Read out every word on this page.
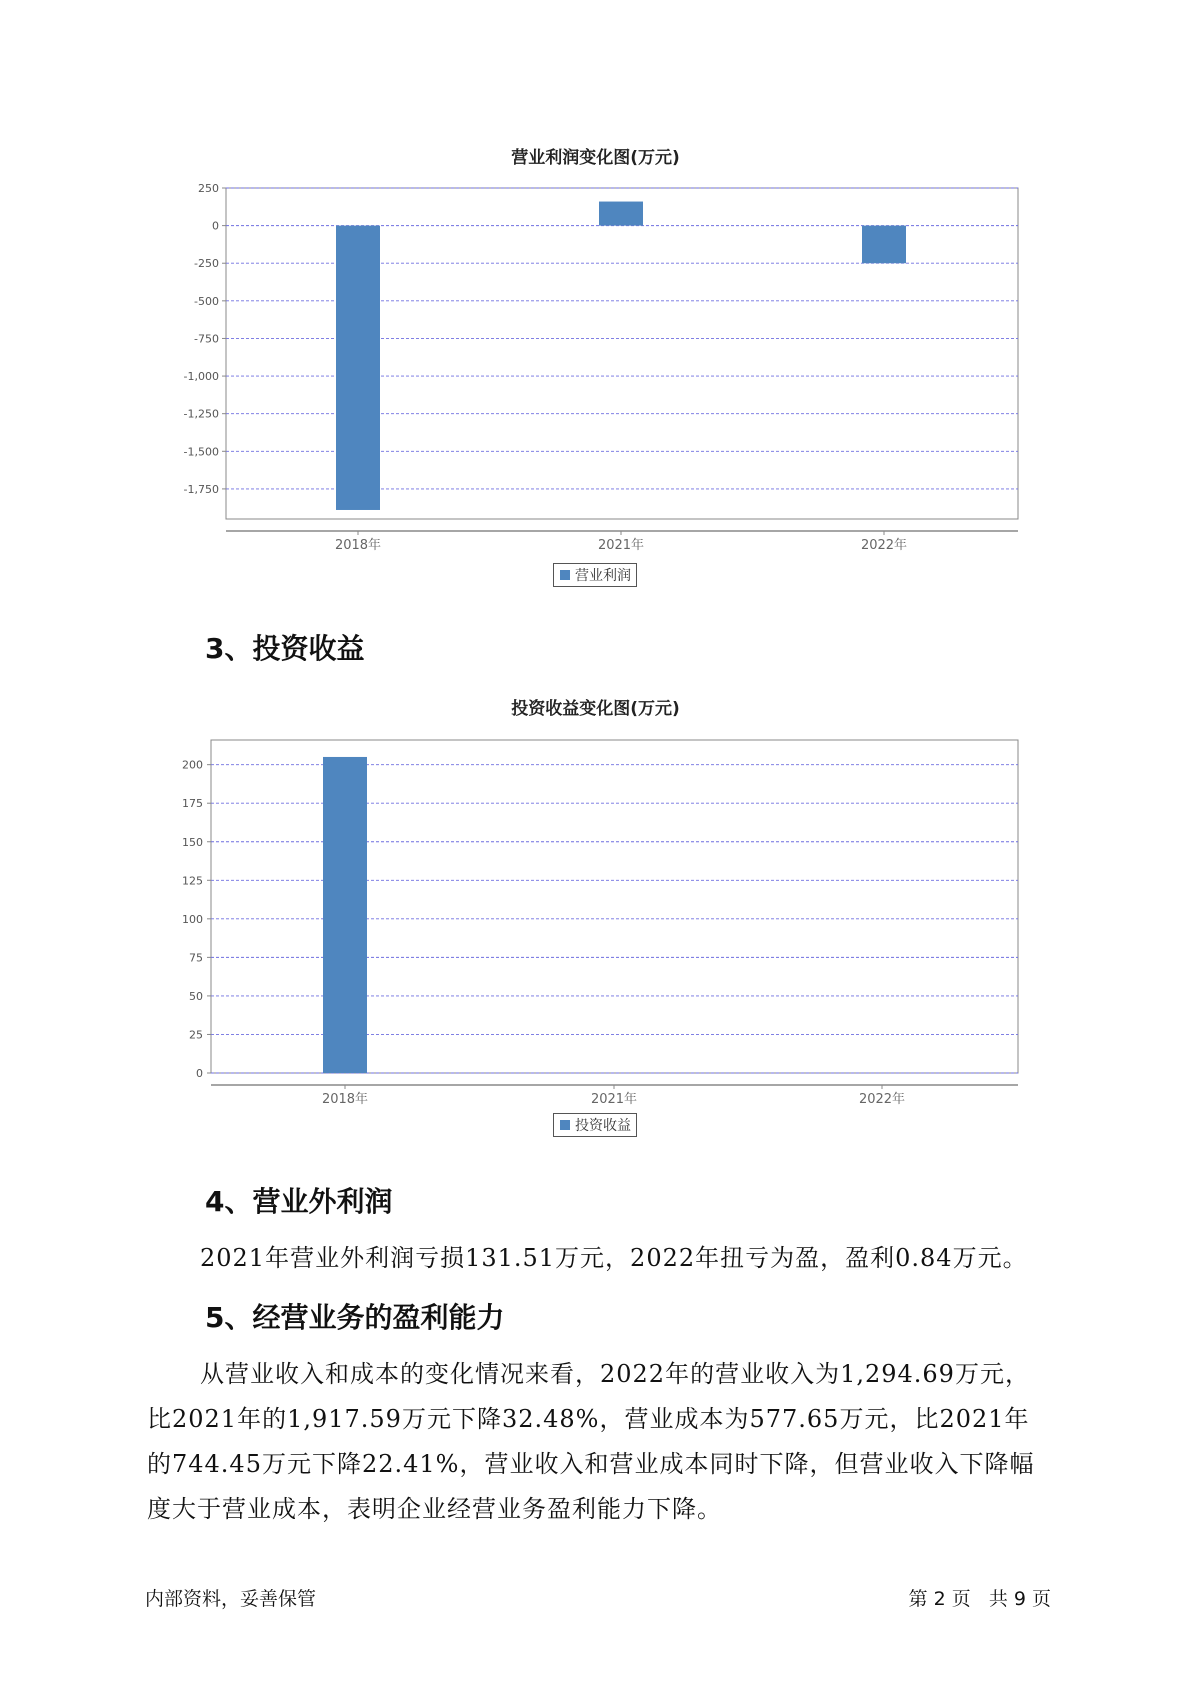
营业利润变化图(万元)
250
0
-250
-500
-750
-1,000
-1,250
-1,500
-1,750
2018年	2021年	2022年
营业利润
3、投资收益
投资收益变化图(万元)
200
175
150
125
100
75
50
25
0
2018年	2021年	2022年
投资收益
4、营业外利润

2021年营业外利润亏损131.51万元，2022年扭亏为盈，盈利0.84万元。

5、经营业务的盈利能力

从营业收入和成本的变化情况来看，2022年的营业收入为1,294.69万元，比2021年的1,917.59万元下降32.48%，营业成本为577.65万元，比2021年的744.45万元下降22.41%，营业收入和营业成本同时下降，但营业收入下降幅度大于营业成本，表明企业经营业务盈利能力下降。

内部资料，妥善保管	第 2 页   共 9 页
